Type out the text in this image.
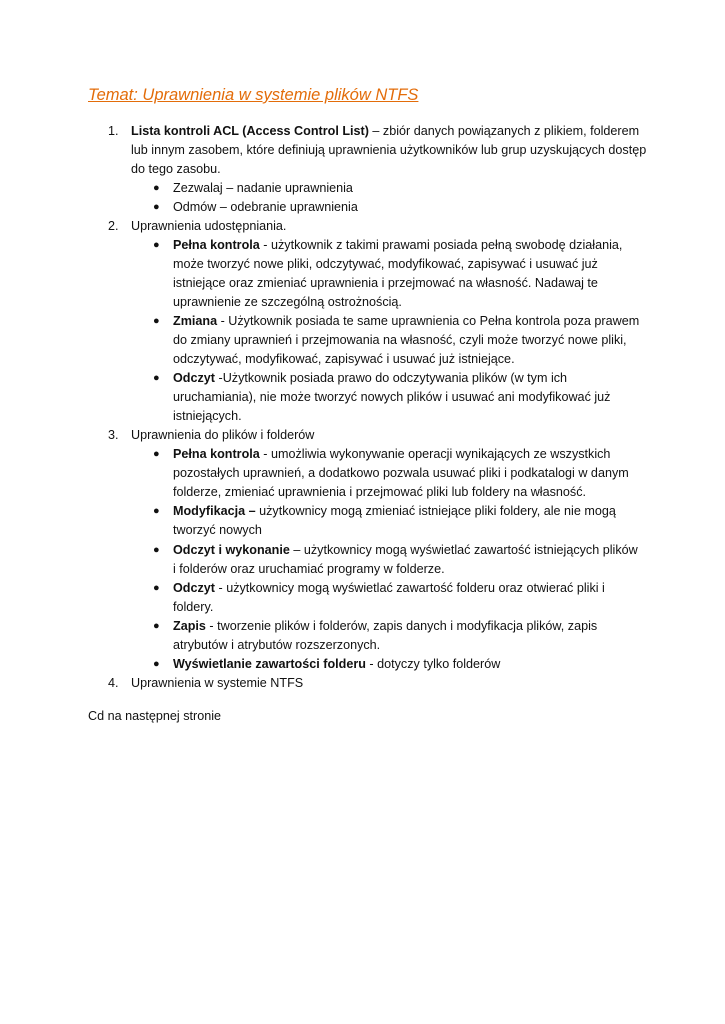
Temat: Uprawnienia w systemie plików NTFS
1. Lista kontroli ACL (Access Control List) – zbiór danych powiązanych z plikiem, folderem lub innym zasobem, które definiują uprawnienia użytkowników lub grup uzyskujących dostęp do tego zasobu.
● Zezwalaj – nadanie uprawnienia
● Odmów – odebranie uprawnienia
2. Uprawnienia udostępniania.
● Pełna kontrola - użytkownik z takimi prawami posiada pełną swobodę działania, może tworzyć nowe pliki, odczytywać, modyfikować, zapisywać i usuwać już istniejące oraz zmieniać uprawnienia i przejmować na własność. Nadawaj te uprawnienie ze szczególną ostrożnością.
● Zmiana - Użytkownik posiada te same uprawnienia co Pełna kontrola poza prawem do zmiany uprawnień i przejmowania na własność, czyli może tworzyć nowe pliki, odczytywać, modyfikować, zapisywać i usuwać już istniejące.
● Odczyt -Użytkownik posiada prawo do odczytywania plików (w tym ich uruchamiania), nie może tworzyć nowych plików i usuwać ani modyfikować już istniejących.
3. Uprawnienia do plików i folderów
● Pełna kontrola - umożliwia wykonywanie operacji wynikających ze wszystkich pozostałych uprawnień, a dodatkowo pozwala usuwać pliki i podkatalogi w danym folderze, zmieniać uprawnienia i przejmować pliki lub foldery na własność.
● Modyfikacja – użytkownicy mogą zmieniać istniejące pliki foldery, ale nie mogą tworzyć nowych
● Odczyt i wykonanie – użytkownicy mogą wyświetlać zawartość istniejących plików i folderów oraz uruchamiać programy w folderze.
● Odczyt - użytkownicy mogą wyświetlać zawartość folderu oraz otwierać pliki i foldery.
● Zapis - tworzenie plików i folderów, zapis danych i modyfikacja plików, zapis atrybutów i atrybutów rozszerzonych.
● Wyświetlanie zawartości folderu - dotyczy tylko folderów
4. Uprawnienia w systemie NTFS
Cd na następnej stronie
